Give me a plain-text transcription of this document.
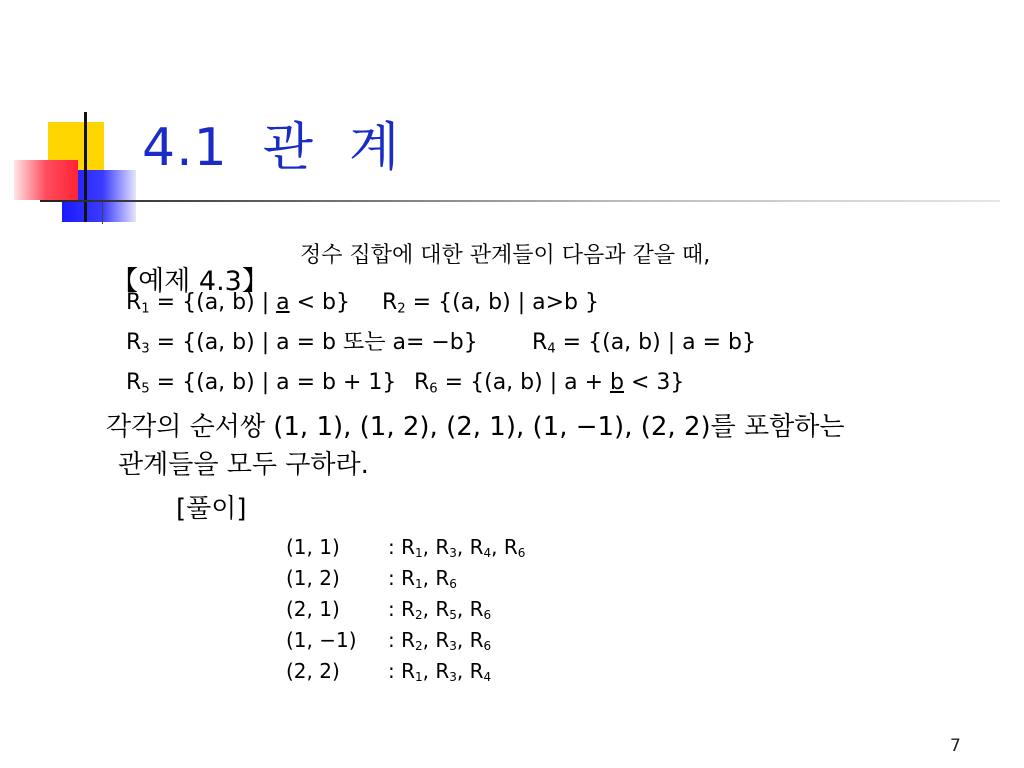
4.1  관  계

【예제 4.3】

정수 집합에 대한 관계들이 다음과 같을 때,
$R_1 = \{(a$, b) | a < b} $R_2 = \{(a$, b) | a>b }
$R_3 = \{(a$, b) | a = b 또는 a= −b} $R_4 = \{(a$, b) | a = b}
$R_5 = \{(a$, b) | a = b + 1} $R_6 = \{(a$, b) | a + b < 3}
각각의 순서쌍 (1, 1), (1, 2), (2, 1), (1, −1), (2, 2)를 포함하는
관계들을 모두 구하라.
[풀이]
(1, 1) : $R_1$, $R_3$, $R_4$, $R_6$
(1, 2) : $R_1$, $R_6$
(2, 1) : $R_2$, $R_5$, $R_6$
(1, −1) : $R_2$, $R_3$, $R_6$
(2, 2) : $R_1$, $R_3$, $R_4$
7
